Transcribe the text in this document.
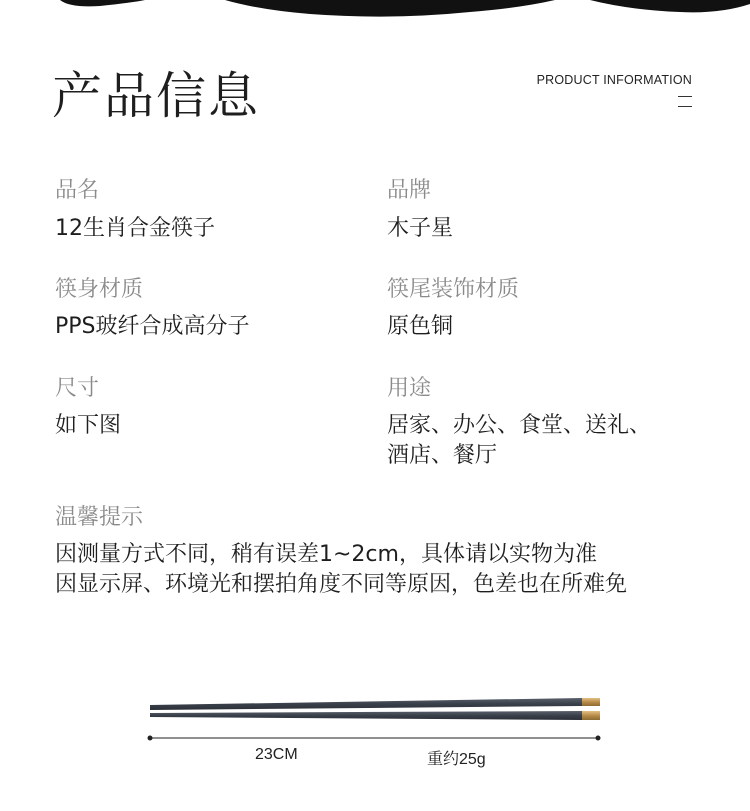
产品信息	PRODUCT INFORMATION
品名
12生肖合金筷子
品牌
木子星
筷身材质
PPS玻纤合成高分子
筷尾装饰材质
原色铜
尺寸
如下图
用途
居家、办公、食堂、送礼、
酒店、餐厅
温馨提示
因测量方式不同，稍有误差1~2cm，具体请以实物为准
因显示屏、环境光和摆拍角度不同等原因，色差也在所难免
23CM	重约25g
